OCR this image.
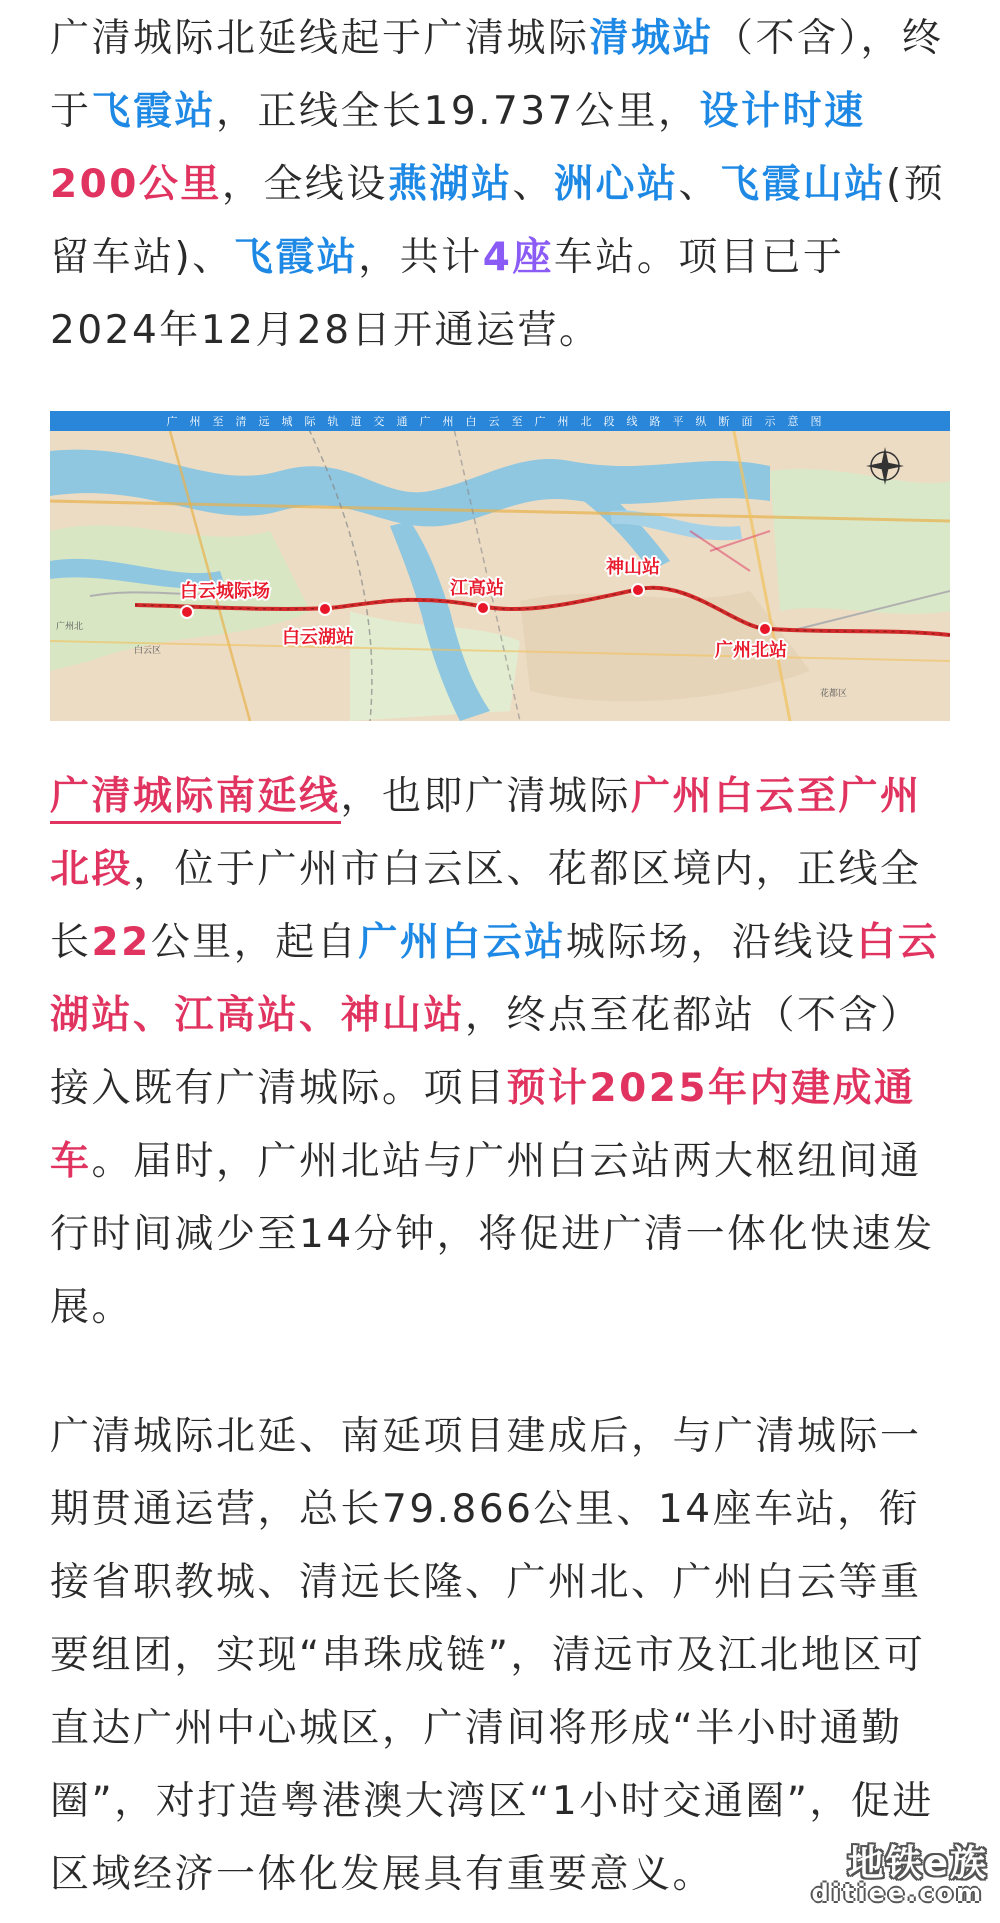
广清城际北延线起于广清城际清城站（不含），终于飞霞站，正线全长19.737公里，设计时速200公里，全线设燕湖站、洲心站、飞霞山站(预留车站)、飞霞站，共计4座车站。项目已于2024年12月28日开通运营。
广州至清远城际轨道交通广州白云至广州北段线路平纵断面示意图
白云城际场
白云湖站
江高站
神山站
广州北站
广州北
白云区
花都区
广清城际南延线，也即广清城际广州白云至广州北段，位于广州市白云区、花都区境内，正线全长22公里，起自广州白云站城际场，沿线设白云湖站、江高站、神山站，终点至花都站（不含）接入既有广清城际。项目预计2025年内建成通车。届时，广州北站与广州白云站两大枢纽间通行时间减少至14分钟，将促进广清一体化快速发展。
广清城际北延、南延项目建成后，与广清城际一期贯通运营，总长79.866公里、14座车站，衔接省职教城、清远长隆、广州北、广州白云等重要组团，实现“串珠成链”，清远市及江北地区可直达广州中心城区，广清间将形成“半小时通勤圈”，对打造粤港澳大湾区“1小时交通圈”，促进区域经济一体化发展具有重要意义。	地铁e族
ditiee.com
